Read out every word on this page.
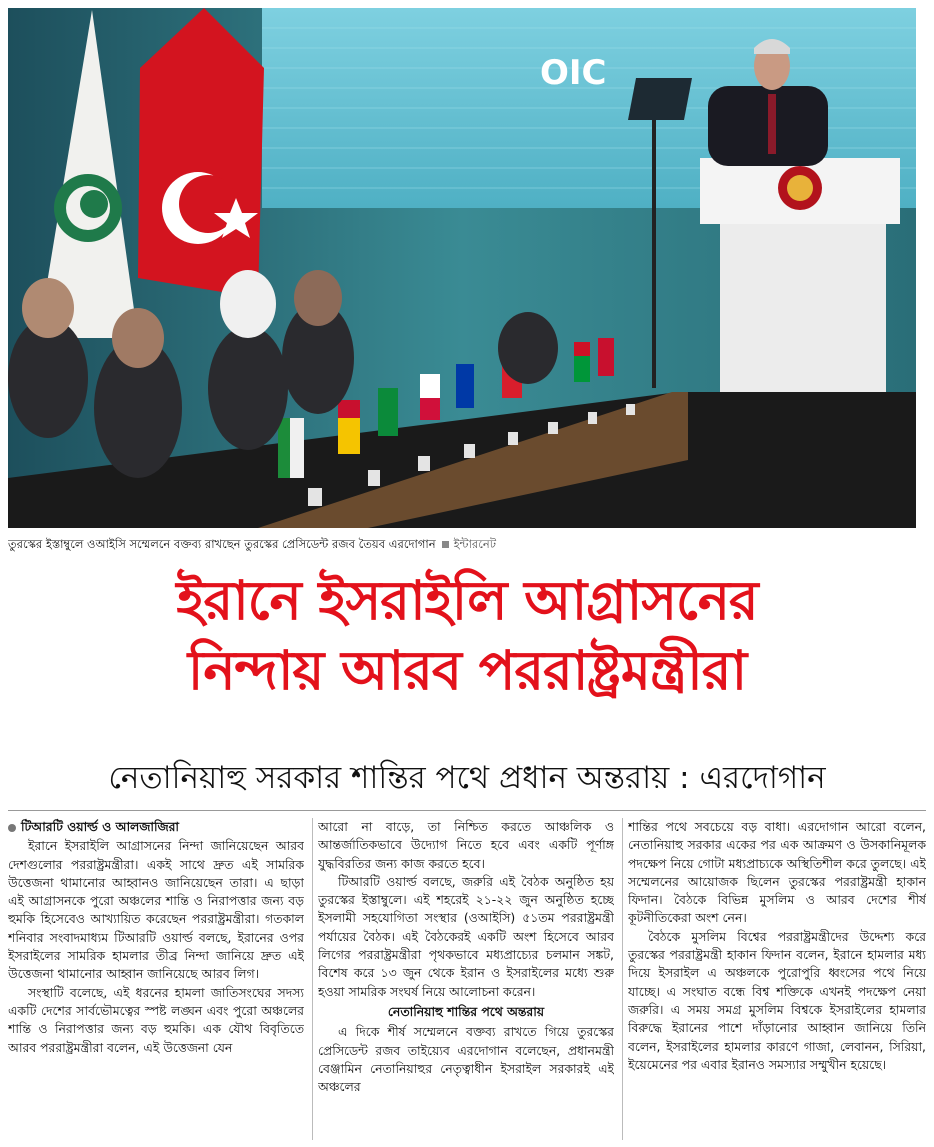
OIC
তুরস্কের ইস্তাম্বুলে ওআইসি সম্মেলনে বক্তব্য রাখছেন তুরস্কের প্রেসিডেন্ট রজব তৈয়ব এরদোগান ইন্টারনেট
ইরানে ইসরাইলি আগ্রাসনের
নিন্দায় আরব পররাষ্ট্রমন্ত্রীরা
নেতানিয়াহু সরকার শান্তির পথে প্রধান অন্তরায় : এরদোগান
টিআরটি ওয়ার্ল্ড ও আলজাজিরা

ইরানে ইসরাইলি আগ্রাসনের নিন্দা জানিয়েছেন আরব দেশগুলোর পররাষ্ট্রমন্ত্রীরা। একই সাথে দ্রুত এই সামরিক উত্তেজনা থামানোর আহ্বানও জানিয়েছেন তারা। এ ছাড়া এই আগ্রাসনকে পুরো অঞ্চলের শান্তি ও নিরাপত্তার জন্য বড় হুমকি হিসেবেও আখ্যায়িত করেছেন পররাষ্ট্রমন্ত্রীরা। গতকাল শনিবার সংবাদমাধ্যম টিআরটি ওয়ার্ল্ড বলছে, ইরানের ওপর ইসরাইলের সামরিক হামলার তীব্র নিন্দা জানিয়ে দ্রুত এই উত্তেজনা থামানোর আহ্বান জানিয়েছে আরব লিগ।

সংস্থাটি বলেছে, এই ধরনের হামলা জাতিসংঘের সদস্য একটি দেশের সার্বভৌমত্বের স্পষ্ট লঙ্ঘন এবং পুরো অঞ্চলের শান্তি ও নিরাপত্তার জন্য বড় হুমকি। এক যৌথ বিবৃতিতে আরব পররাষ্ট্রমন্ত্রীরা বলেন, এই উত্তেজনা যেন

আরো না বাড়ে, তা নিশ্চিত করতে আঞ্চলিক ও আন্তর্জাতিকভাবে উদ্যোগ নিতে হবে এবং একটি পূর্ণাঙ্গ যুদ্ধবিরতির জন্য কাজ করতে হবে।

টিআরটি ওয়ার্ল্ড বলছে, জরুরি এই বৈঠক অনুষ্ঠিত হয় তুরস্কের ইস্তাম্বুলে। এই শহরেই ২১-২২ জুন অনুষ্ঠিত হচ্ছে ইসলামী সহযোগিতা সংস্থার (ওআইসি) ৫১তম পররাষ্ট্রমন্ত্রী পর্যায়ের বৈঠক। এই বৈঠকেরই একটি অংশ হিসেবে আরব লিগের পররাষ্ট্রমন্ত্রীরা পৃথকভাবে মধ্যপ্রাচ্যের চলমান সঙ্কট, বিশেষ করে ১৩ জুন থেকে ইরান ও ইসরাইলের মধ্যে শুরু হওয়া সামরিক সংঘর্ষ নিয়ে আলোচনা করেন।

নেতানিয়াহু শান্তির পথে অন্তরায়

এ দিকে শীর্ষ সম্মেলনে বক্তব্য রাখতে গিয়ে তুরস্কের প্রেসিডেন্ট রজব তাইয়্যেব এরদোগান বলেছেন, প্রধানমন্ত্রী বেঞ্জামিন নেতানিয়াহুর নেতৃত্বাধীন ইসরাইল সরকারই এই অঞ্চলের

শান্তির পথে সবচেয়ে বড় বাধা। এরদোগান আরো বলেন, নেতানিয়াহু সরকার একের পর এক আক্রমণ ও উসকানিমূলক পদক্ষেপ নিয়ে গোটা মধ্যপ্রাচ্যকে অস্থিতিশীল করে তুলছে। এই সম্মেলনের আয়োজক ছিলেন তুরস্কের পররাষ্ট্রমন্ত্রী হাকান ফিদান। বৈঠকে বিভিন্ন মুসলিম ও আরব দেশের শীর্ষ কূটনীতিকেরা অংশ নেন।

বৈঠকে মুসলিম বিশ্বের পররাষ্ট্রমন্ত্রীদের উদ্দেশ্য করে তুরস্কের পররাষ্ট্রমন্ত্রী হাকান ফিদান বলেন, ইরানে হামলার মধ্য দিয়ে ইসরাইল এ অঞ্চলকে পুরোপুরি ধ্বংসের পথে নিয়ে যাচ্ছে। এ সংঘাত বন্ধে বিশ্ব শক্তিকে এখনই পদক্ষেপ নেয়া জরুরি। এ সময় সমগ্র মুসলিম বিশ্বকে ইসরাইলের হামলার বিরুদ্ধে ইরানের পাশে দাঁড়ানোর আহ্বান জানিয়ে তিনি বলেন, ইসরাইলের হামলার কারণে গাজা, লেবানন, সিরিয়া, ইয়েমেনের পর এবার ইরানও সমস্যার সম্মুখীন হয়েছে।
